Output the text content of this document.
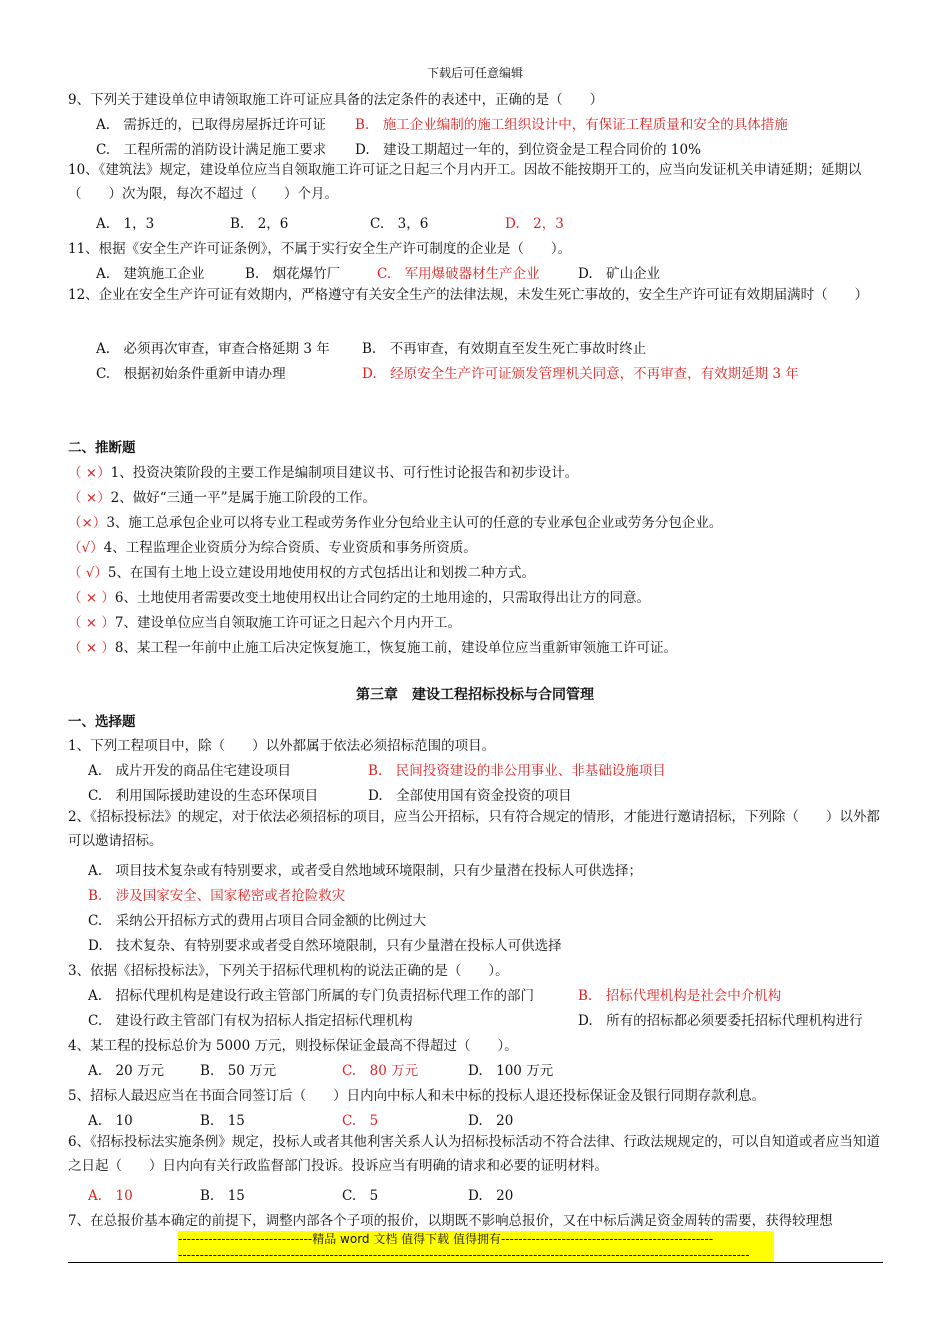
下载后可任意编辑
9、下列关于建设单位申请领取施工许可证应具备的法定条件的表述中，正确的是（　　）
A.　需拆迁的，已取得房屋拆迁许可证 B.　施工企业编制的施工组织设计中，有保证工程质量和安全的具体措施
C.　工程所需的消防设计满足施工要求 D.　建设工期超过一年的，到位资金是工程合同价的 10%
10、《建筑法》规定，建设单位应当自领取施工许可证之日起三个月内开工。因故不能按期开工的，应当向发证机关申请延期；延期以（　　）次为限，每次不超过（　　）个月。
A.　1，3	B.　2，6	C.　3，6	D.　2，3
11、根据《安全生产许可证条例》，不属于实行安全生产许可制度的企业是（　　）。
A.　建筑施工企业	B.　烟花爆竹厂	C.　军用爆破器材生产企业	D.　矿山企业
12、企业在安全生产许可证有效期内，严格遵守有关安全生产的法律法规，未发生死亡事故的，安全生产许可证有效期届满时（　　）
A.　必须再次审查，审查合格延期 3 年 B.　不再审查，有效期直至发生死亡事故时终止
C.　根据初始条件重新申请办理	D.　经原安全生产许可证颁发管理机关同意，不再审查，有效期延期 3 年
二、推断题
（ ×）1、投资决策阶段的主要工作是编制项目建议书、可行性讨论报告和初步设计。
（ ×）2、做好“三通一平”是属于施工阶段的工作。
（×）3、施工总承包企业可以将专业工程或劳务作业分包给业主认可的任意的专业承包企业或劳务分包企业。
（√）4、工程监理企业资质分为综合资质、专业资质和事务所资质。
（ √）5、在国有土地上设立建设用地使用权的方式包括出让和划拨二种方式。
（ × ）6、土地使用者需要改变土地使用权出让合同约定的土地用途的，只需取得出让方的同意。
（ × ）7、建设单位应当自领取施工许可证之日起六个月内开工。
（ × ）8、某工程一年前中止施工后决定恢复施工，恢复施工前，建设单位应当重新审领施工许可证。
第三章　建设工程招标投标与合同管理
一、选择题
1、下列工程项目中，除（　　）以外都属于依法必须招标范围的项目。
A.　成片开发的商品住宅建设项目	B.　民间投资建设的非公用事业、非基础设施项目
C.　利用国际援助建设的生态环保项目	D.　全部使用国有资金投资的项目
2、《招标投标法》的规定，对于依法必须招标的项目，应当公开招标，只有符合规定的情形，才能进行邀请招标，下列除（　　）以外都可以邀请招标。
A.　项目技术复杂或有特别要求，或者受自然地域环境限制，只有少量潜在投标人可供选择；
B.　涉及国家安全、国家秘密或者抢险救灾
C.　采纳公开招标方式的费用占项目合同金额的比例过大
D.　技术复杂、有特别要求或者受自然环境限制，只有少量潜在投标人可供选择
3、依据《招标投标法》，下列关于招标代理机构的说法正确的是（　　）。
A.　招标代理机构是建设行政主管部门所属的专门负责招标代理工作的部门	B.　招标代理机构是社会中介机构
C.　建设行政主管部门有权为招标人指定招标代理机构	D.　所有的招标都必须要委托招标代理机构进行
4、某工程的投标总价为 5000 万元，则投标保证金最高不得超过（　　）。
A.　20 万元	B.　50 万元	C.　80 万元	D.　100 万元
5、招标人最迟应当在书面合同签订后（　　）日内向中标人和未中标的投标人退还投标保证金及银行同期存款利息。
A.　10	B.　15	C.　5	D.　20
6、《招标投标法实施条例》规定，投标人或者其他利害关系人认为招标投标活动不符合法律、行政法规规定的，可以自知道或者应当知道之日起（　　）日内向有关行政监督部门投诉。投诉应当有明确的请求和必要的证明材料。
A.　10	B.　15	C.　5	D.　20
7、在总报价基本确定的前提下，调整内部各个子项的报价，以期既不影响总报价，又在中标后满足资金周转的需要，获得较理想
-------------------------------精品 word 文档 值得下载 值得拥有-------------------------------------------------
------------------------------------------------------------------------------------------------------------------------------------
